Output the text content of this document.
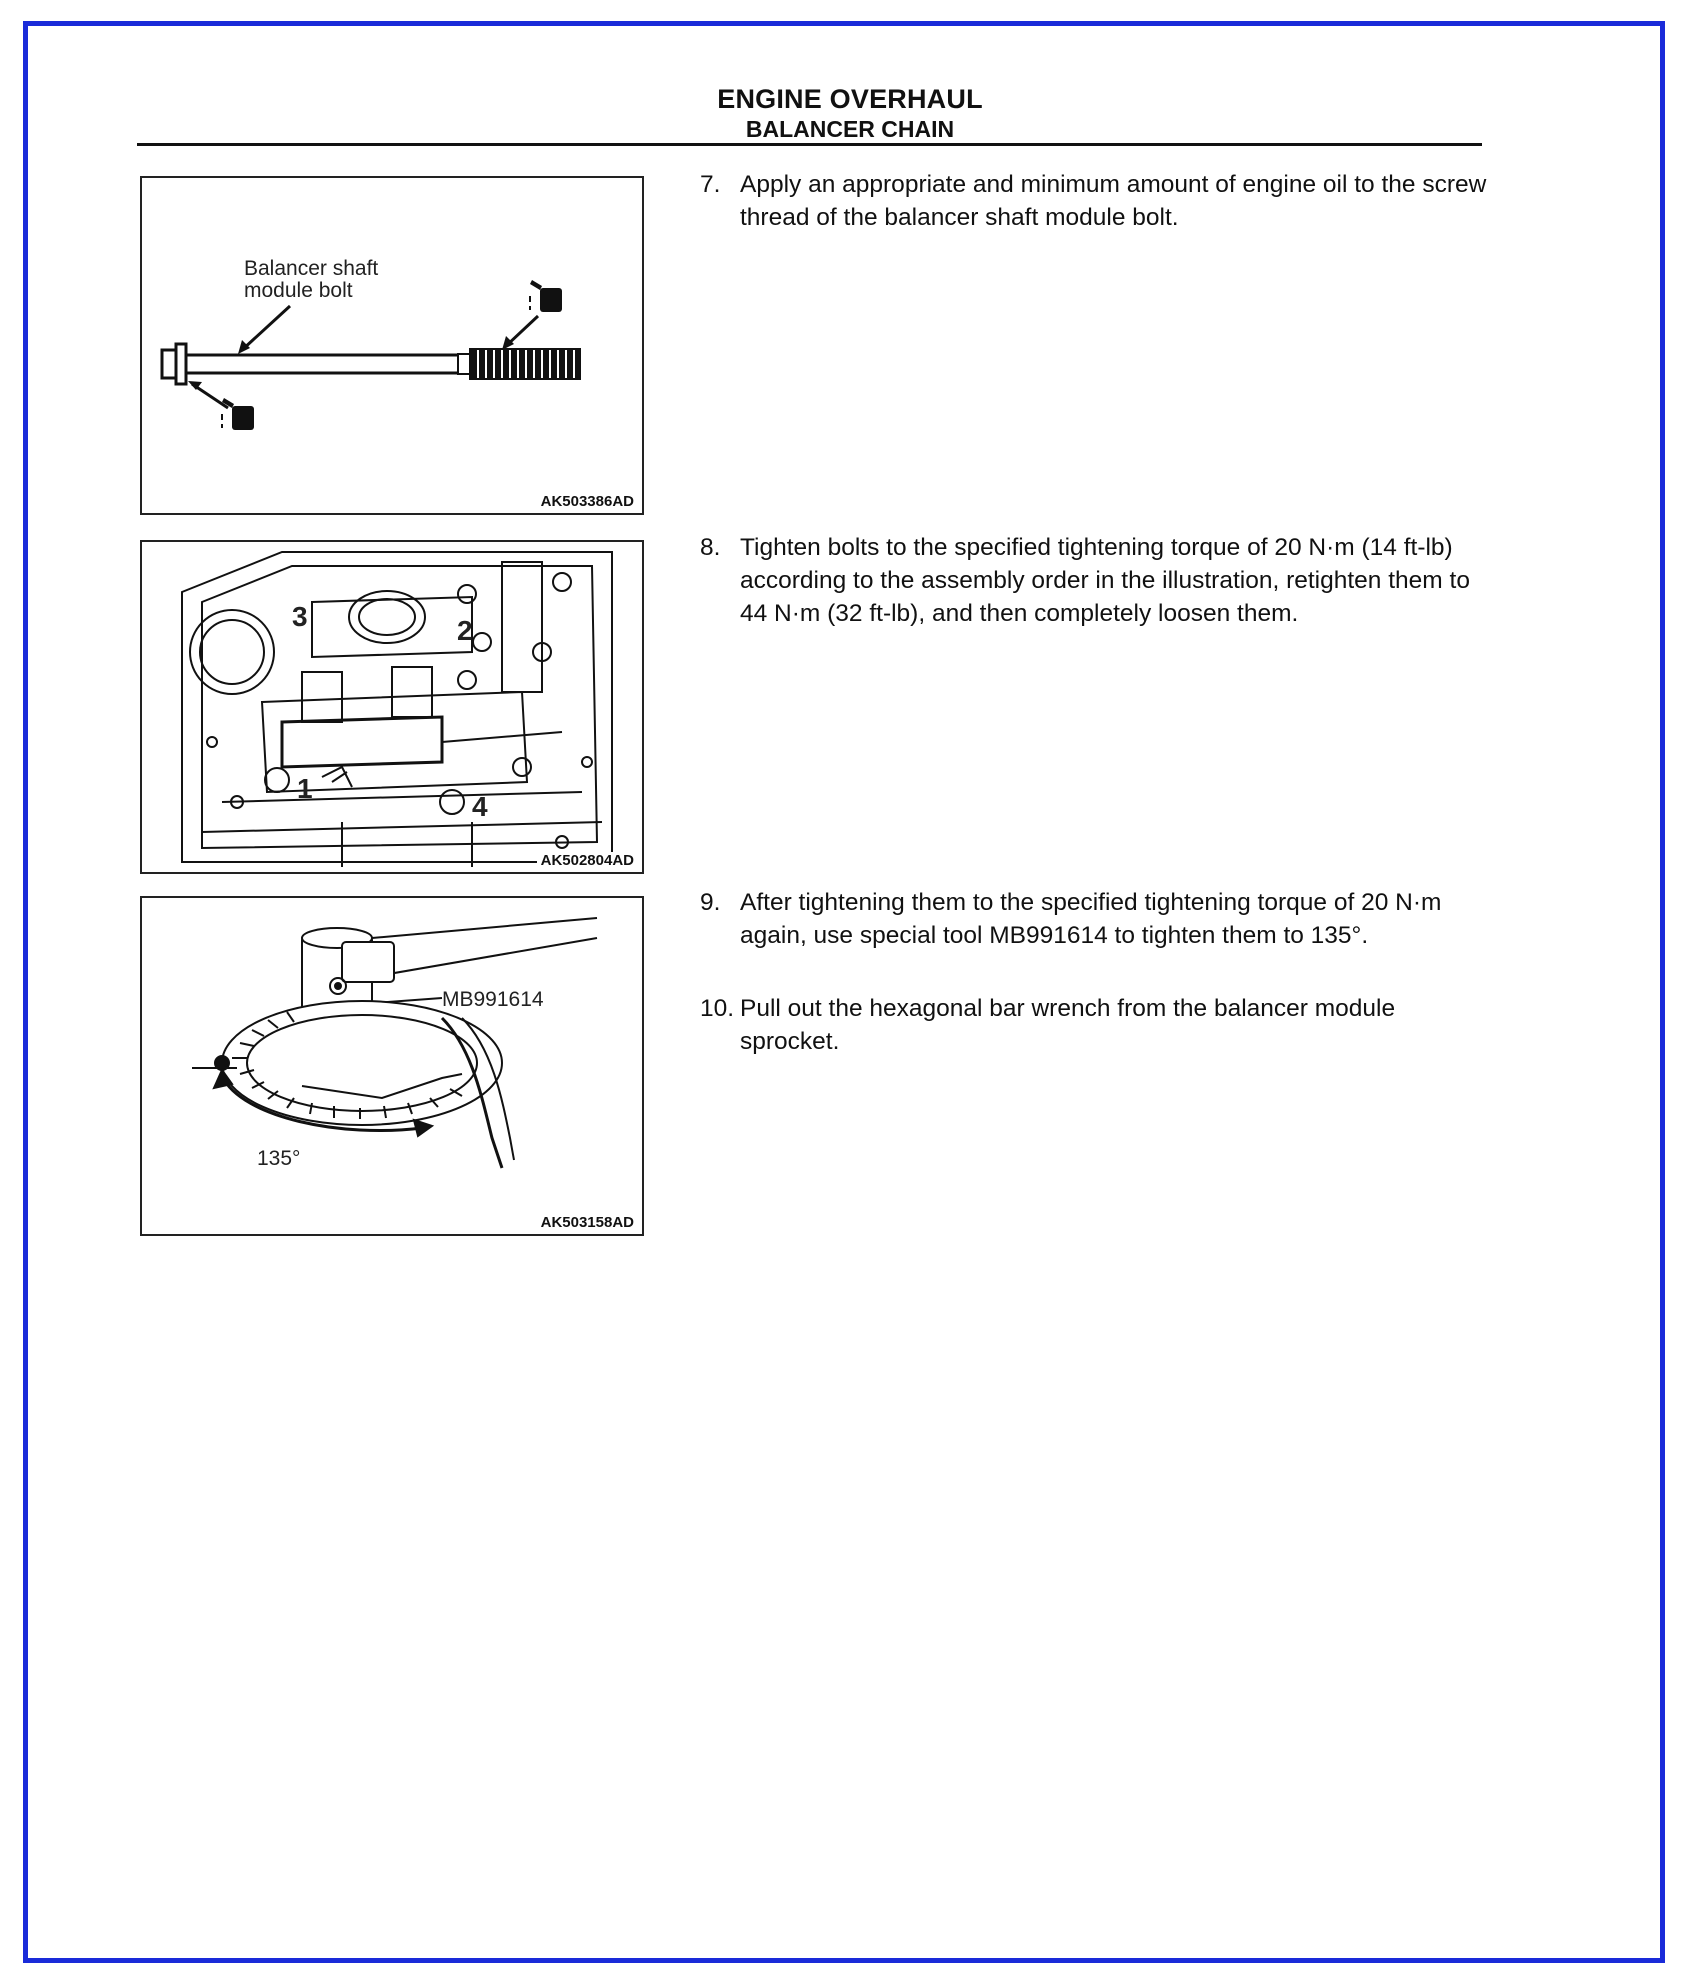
ENGINE OVERHAUL
BALANCER CHAIN
Balancer shaft module bolt
AK503386AD
3	2
1
4
AK502804AD
MB991614
135°
AK503158AD
7. Apply an appropriate and minimum amount of engine oil to the screw thread of the balancer shaft module bolt.
8. Tighten bolts to the specified tightening torque of 20 N·m (14 ft-lb) according to the assembly order in the illustration, retighten them to 44 N·m (32 ft-lb), and then completely loosen them.
9. After tightening them to the specified tightening torque of 20 N·m again, use special tool MB991614 to tighten them to 135°.
10. Pull out the hexagonal bar wrench from the balancer module sprocket.
